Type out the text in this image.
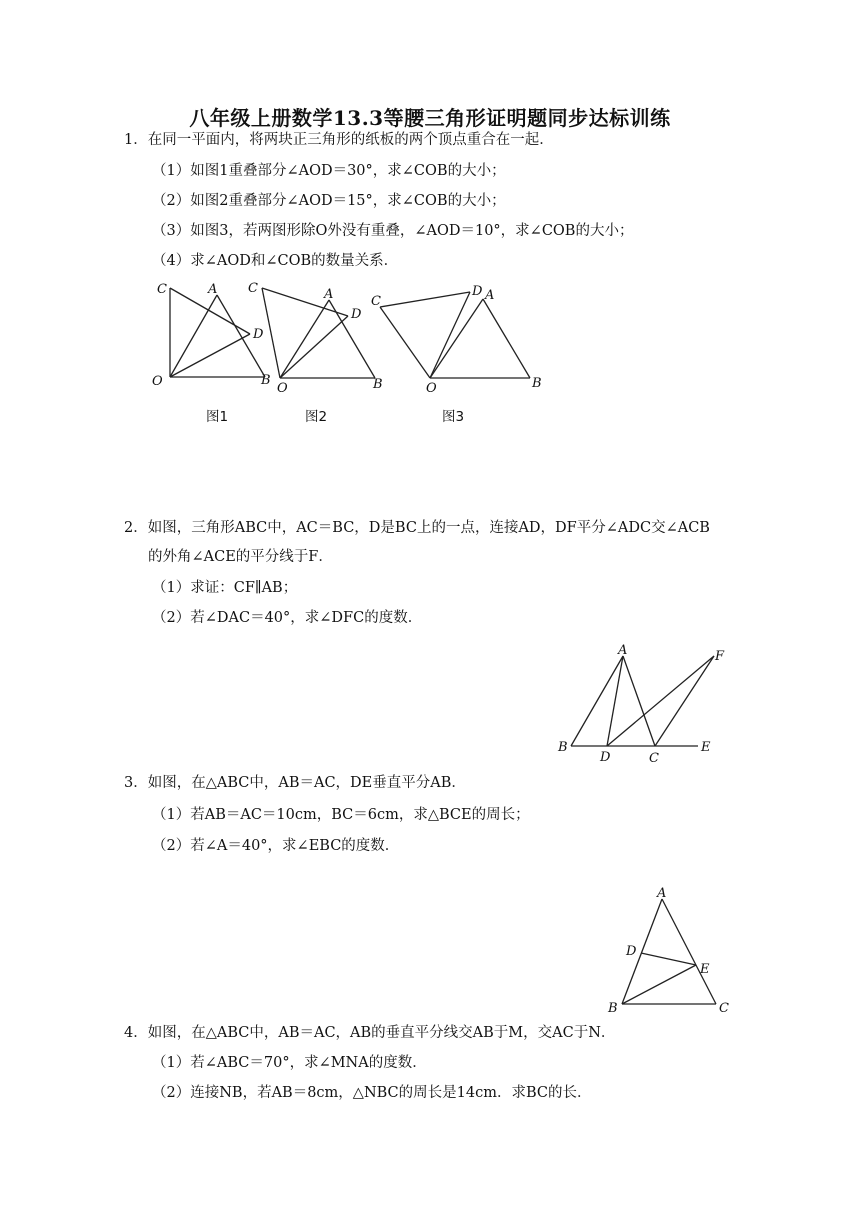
八年级上册数学13.3等腰三角形证明题同步达标训练
1．在同一平面内，将两块正三角形的纸板的两个顶点重合在一起．
（1）如图1重叠部分∠AOD＝30°，求∠COB的大小；
（2）如图2重叠部分∠AOD＝15°，求∠COB的大小；
（3）如图3，若两图形除O外没有重叠，∠AOD＝10°，求∠COB的大小；
（4）求∠AOD和∠COB的数量关系．
C	A
D
O	B
图1
C	A
D
O	B
图2
C
D A
O	B
图3
2．如图，三角形ABC中，AC＝BC，D是BC上的一点，连接AD，DF平分∠ADC交∠ACB
的外角∠ACE的平分线于F．
（1）求证：CF∥AB；
（2）若∠DAC＝40°，求∠DFC的度数．
A	F
B
D	C
E
3．如图，在△ABC中，AB＝AC，DE垂直平分AB．
（1）若AB＝AC＝10cm，BC＝6cm，求△BCE的周长；
（2）若∠A＝40°，求∠EBC的度数．
A
D
E
B	C
4．如图，在△ABC中，AB＝AC，AB的垂直平分线交AB于M，交AC于N．
（1）若∠ABC＝70°，求∠MNA的度数．
（2）连接NB，若AB＝8cm，△NBC的周长是14cm．求BC的长．
